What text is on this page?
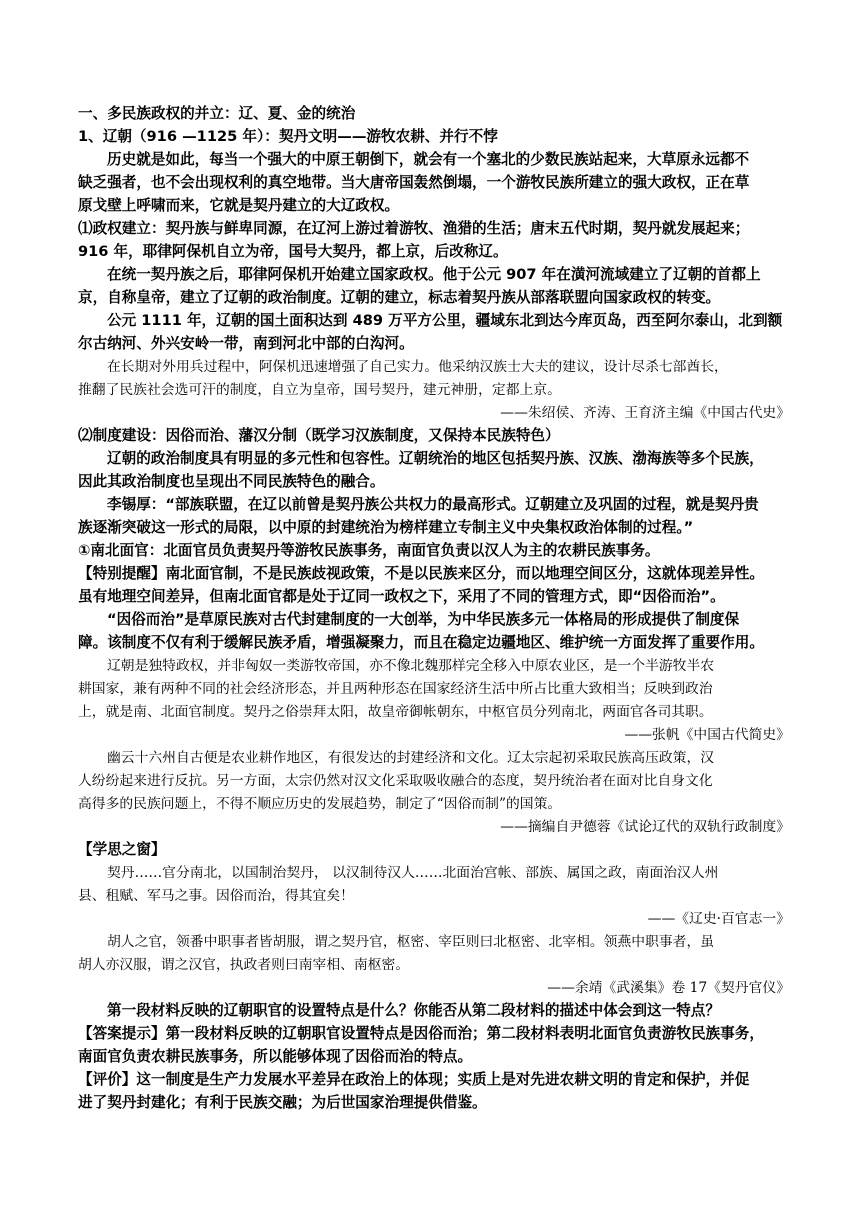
一、多民族政权的并立：辽、夏、金的统治
1、辽朝（916 —1125 年）：契丹文明——游牧农耕、并行不悖
历史就是如此，每当一个强大的中原王朝倒下，就会有一个塞北的少数民族站起来，大草原永远都不
缺乏强者，也不会出现权利的真空地带。当大唐帝国轰然倒塌，一个游牧民族所建立的强大政权，正在草
原戈壁上呼啸而来，它就是契丹建立的大辽政权。
⑴政权建立：契丹族与鲜卑同源，在辽河上游过着游牧、渔猎的生活；唐末五代时期，契丹就发展起来；
916 年，耶律阿保机自立为帝，国号大契丹，都上京，后改称辽。
在统一契丹族之后，耶律阿保机开始建立国家政权。他于公元 907 年在潢河流域建立了辽朝的首都上
京，自称皇帝，建立了辽朝的政治制度。辽朝的建立，标志着契丹族从部落联盟向国家政权的转变。
公元 1111 年，辽朝的国土面积达到 489 万平方公里，疆域东北到达今库页岛，西至阿尔泰山，北到额
尔古纳河、外兴安岭一带，南到河北中部的白沟河。
在长期对外用兵过程中，阿保机迅速增强了自己实力。他采纳汉族士大夫的建议，设计尽杀七部酋长，
推翻了民族社会选可汗的制度，自立为皇帝，国号契丹，建元神册，定都上京。
——朱绍侯、齐涛、王育济主编《中国古代史》
⑵制度建设：因俗而治、藩汉分制（既学习汉族制度，又保持本民族特色）
辽朝的政治制度具有明显的多元性和包容性。辽朝统治的地区包括契丹族、汉族、渤海族等多个民族，
因此其政治制度也呈现出不同民族特色的融合。
李锡厚：“部族联盟，在辽以前曾是契丹族公共权力的最高形式。辽朝建立及巩固的过程，就是契丹贵
族逐渐突破这一形式的局限，以中原的封建统治为榜样建立专制主义中央集权政治体制的过程。”
①南北面官：北面官员负责契丹等游牧民族事务，南面官负责以汉人为主的农耕民族事务。
【特别提醒】南北面官制，不是民族歧视政策，不是以民族来区分，而以地理空间区分，这就体现差异性。
虽有地理空间差异，但南北面官都是处于辽同一政权之下，采用了不同的管理方式，即“因俗而治”。
“因俗而治”是草原民族对古代封建制度的一大创举，为中华民族多元一体格局的形成提供了制度保
障。该制度不仅有利于缓解民族矛盾，增强凝聚力，而且在稳定边疆地区、维护统一方面发挥了重要作用。
辽朝是独特政权，并非匈奴一类游牧帝国，亦不像北魏那样完全移入中原农业区，是一个半游牧半农
耕国家，兼有两种不同的社会经济形态，并且两种形态在国家经济生活中所占比重大致相当；反映到政治
上，就是南、北面官制度。契丹之俗崇拜太阳，故皇帝御帐朝东，中枢官员分列南北，两面官各司其职。
——张帆《中国古代简史》
幽云十六州自古便是农业耕作地区，有很发达的封建经济和文化。辽太宗起初采取民族高压政策，汉
人纷纷起来进行反抗。另一方面，太宗仍然对汉文化采取吸收融合的态度，契丹统治者在面对比自身文化
高得多的民族问题上，不得不顺应历史的发展趋势，制定了“因俗而制”的国策。
——摘编自尹德蓉《试论辽代的双轨行政制度》
【学思之窗】
契丹……官分南北，以国制治契丹， 以汉制待汉人……北面治宫帐、部族、属国之政，南面治汉人州
县、租赋、军马之事。因俗而治，得其宜矣！
——《辽史·百官志一》
胡人之官，领番中职事者皆胡服，谓之契丹官，枢密、宰臣则曰北枢密、北宰相。领燕中职事者，虽
胡人亦汉服，谓之汉官，执政者则曰南宰相、南枢密。
——余靖《武溪集》卷 17《契丹官仪》
第一段材料反映的辽朝职官的设置特点是什么？你能否从第二段材料的描述中体会到这一特点？
【答案提示】第一段材料反映的辽朝职官设置特点是因俗而治；第二段材料表明北面官负责游牧民族事务，
南面官负责农耕民族事务，所以能够体现了因俗而治的特点。
【评价】这一制度是生产力发展水平差异在政治上的体现；实质上是对先进农耕文明的肯定和保护，并促
进了契丹封建化；有利于民族交融；为后世国家治理提供借鉴。
